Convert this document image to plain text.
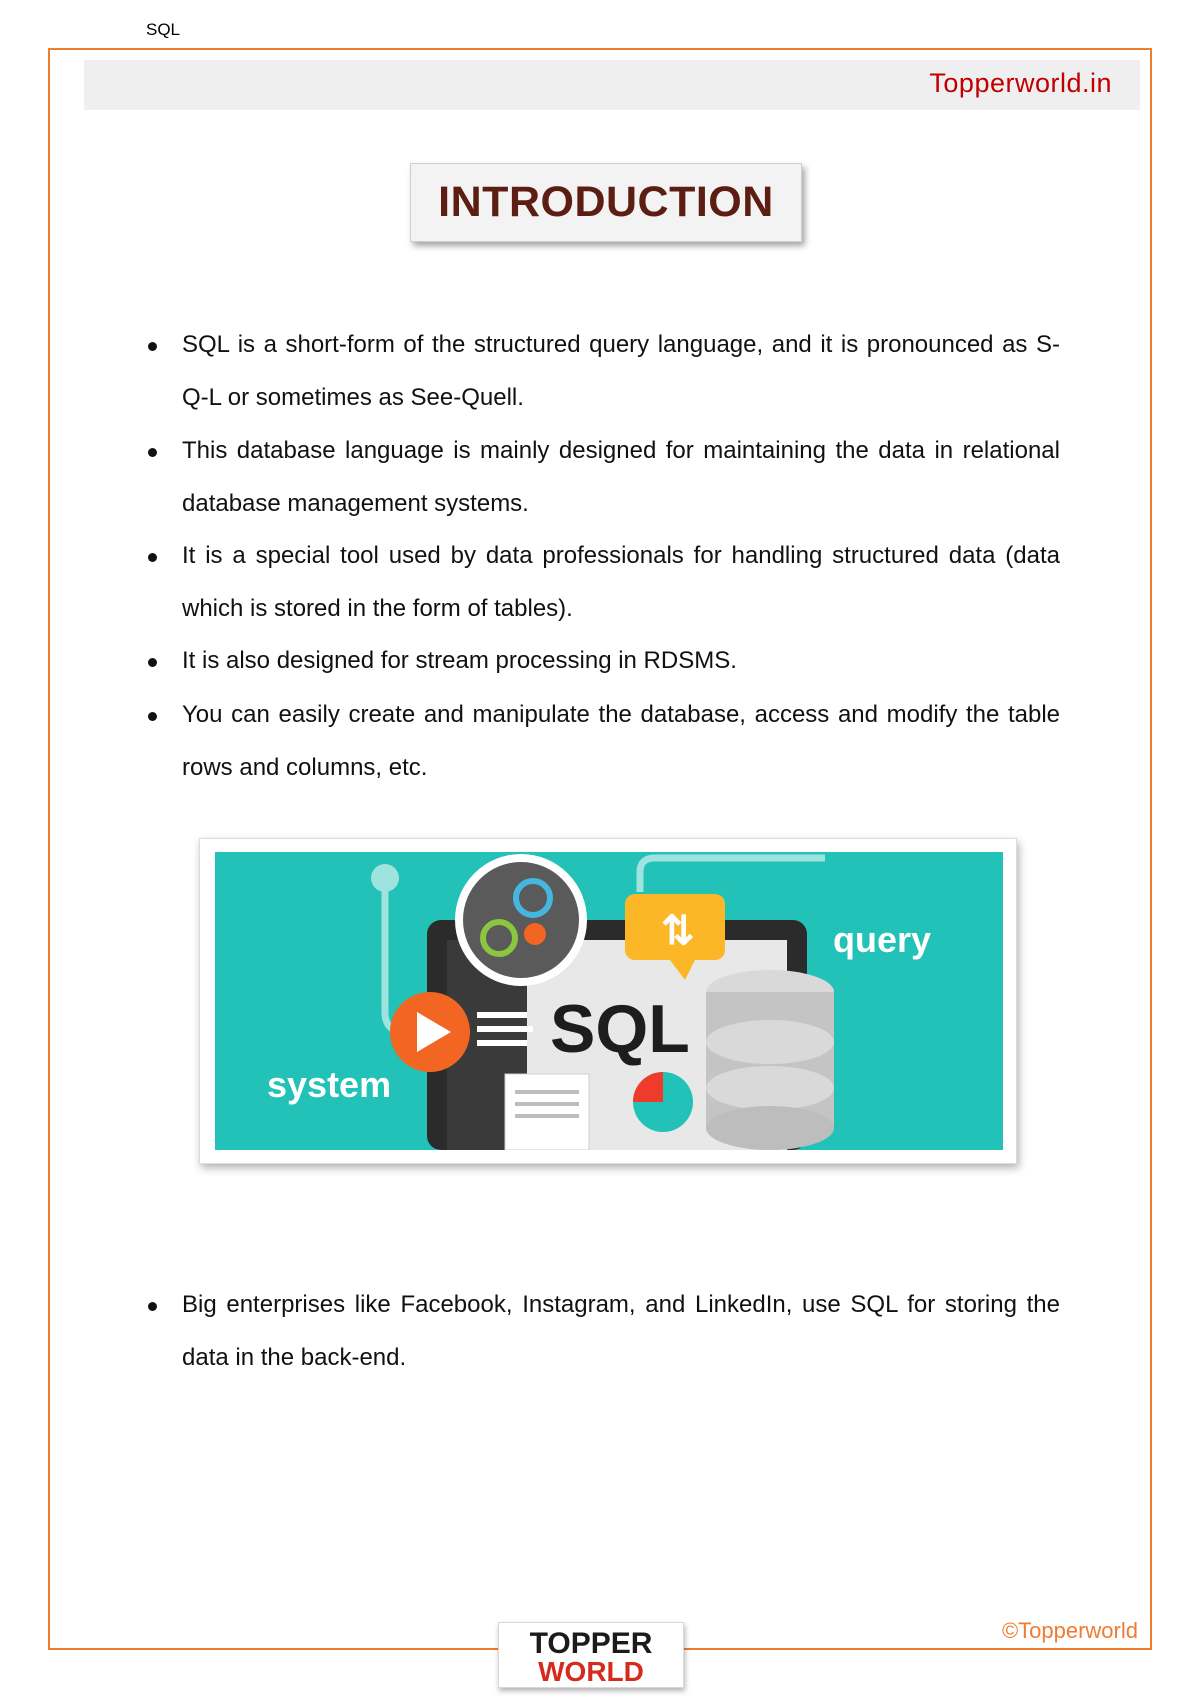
SQL
Topperworld.in
INTRODUCTION
SQL is a short-form of the structured query language, and it is pronounced as S-Q-L or sometimes as See-Quell.
This database language is mainly designed for maintaining the data in relational database management systems.
It is a special tool used by data professionals for handling structured data (data which is stored in the form of tables).
It is also designed for stream processing in RDSMS.
You can easily create and manipulate the database, access and modify the table rows and columns, etc.
Big enterprises like Facebook, Instagram, and LinkedIn, use SQL for storing the data in the back-end.
⇅
SQL
query
system
©Topperworld
TOPPER
WORLD
